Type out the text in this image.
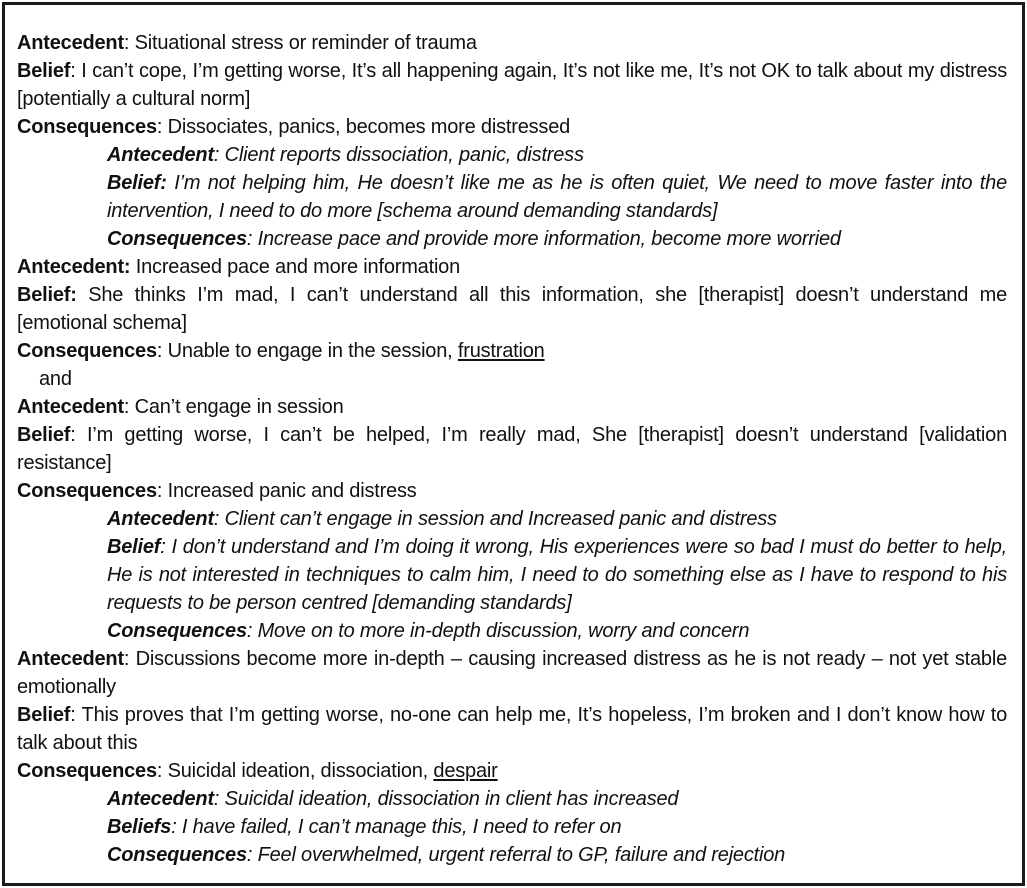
Antecedent: Situational stress or reminder of trauma

Belief: I can’t cope, I’m getting worse, It’s all happening again, It’s not like me, It’s not OK to talk about my distress [potentially a cultural norm]

Consequences: Dissociates, panics, becomes more distressed

Antecedent: Client reports dissociation, panic, distress

Belief: I’m not helping him, He doesn’t like me as he is often quiet, We need to move faster into the intervention, I need to do more [schema around demanding standards]

Consequences: Increase pace and provide more information, become more worried

Antecedent: Increased pace and more information

Belief: She thinks I’m mad, I can’t understand all this information, she [therapist] doesn’t understand me [emotional schema]

Consequences: Unable to engage in the session, frustration

and

Antecedent: Can’t engage in session

Belief: I’m getting worse, I can’t be helped, I’m really mad, She [therapist] doesn’t understand [validation resistance]

Consequences: Increased panic and distress

Antecedent: Client can’t engage in session and Increased panic and distress

Belief: I don’t understand and I’m doing it wrong, His experiences were so bad I must do better to help, He is not interested in techniques to calm him, I need to do something else as I have to respond to his requests to be person centred [demanding standards]

Consequences: Move on to more in-depth discussion, worry and concern

Antecedent: Discussions become more in-depth – causing increased distress as he is not ready – not yet stable emotionally

Belief: This proves that I’m getting worse, no-one can help me, It’s hopeless, I’m broken and I don’t know how to talk about this

Consequences: Suicidal ideation, dissociation, despair

Antecedent: Suicidal ideation, dissociation in client has increased

Beliefs: I have failed, I can’t manage this, I need to refer on

Consequences: Feel overwhelmed, urgent referral to GP, failure and rejection
